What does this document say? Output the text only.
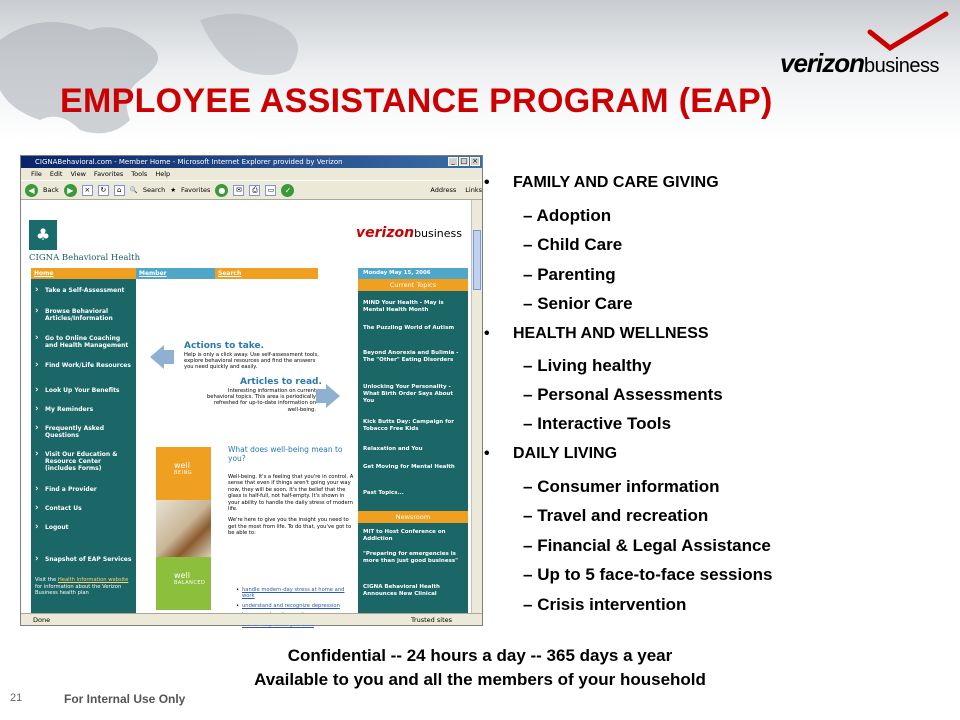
EMPLOYEE ASSISTANCE PROGRAM (EAP)
verizonbusiness
CIGNABehavioral.com - Member Home - Microsoft Internet Explorer provided by Verizon	_ □ ×
File Edit View Favorites Tools Help
◀	Back	▶	×	↻	⌂	🔍 Search ★ Favorites	●	✉	⎙	▭	✓	Address	Links
♣
CIGNA Behavioral Health
verizonbusiness
Home	Member	Search	Monday May 15, 2006
› Take a Self-Assessment
› Browse Behavioral Articles/Information
› Go to Online Coaching and Health Management
› Find Work/Life Resources
› Look Up Your Benefits
› My Reminders
› Frequently Asked Questions
› Visit Our Education & Resource Center (includes Forms)
› Find a Provider
› Contact Us
› Logout
› Snapshot of EAP Services
Visit the Health Information website for information about the Verizon Business health plan
Actions to take.
Help is only a click away. Use self-assessment tools, explore behavioral resources and find the answers you need quickly and easily.
Articles to read.
Interesting information on current behavioral topics. This area is periodically refreshed for up-to-date information on well-being.
well
BEING
well
BALANCED
What does well-being mean to you?

Well-being. It's a feeling that you're in control. A sense that even if things aren't going your way now, they will be soon. It's the belief that the glass is half-full, not half-empty. It's shown in your ability to handle the daily stress of modern life.

We're here to give you the insight you need to get the most from life. To do that, you've got to be able to:

• handle modern-day stress at home and work
• understand and recognize depression
•
•
Current Topics
MIND Your Health - May is Mental Health Month
The Puzzling World of Autism
Beyond Anorexia and Bulimia - The "Other" Eating Disorders
Unlocking Your Personality - What Birth Order Says About You
Kick Butts Day: Campaign for Tobacco Free Kids
Relaxation and You
Get Moving for Mental Health
Past Topics...
Newsroom
MIT to Host Conference on Addiction
"Preparing for emergencies is more than just good business"
CIGNA Behavioral Health Announces New Clinical
Done	Trusted sites
• FAMILY AND CARE GIVING
– Adoption
– Child Care
– Parenting
– Senior Care
• HEALTH AND WELLNESS
– Living healthy
– Personal Assessments
– Interactive Tools
• DAILY LIVING
– Consumer information
– Travel and recreation
– Financial & Legal Assistance
– Up to 5 face-to-face sessions
– Crisis intervention
Confidential -- 24 hours a day -- 365 days a year
Available to you and all the members of your household
21	For Internal Use Only
